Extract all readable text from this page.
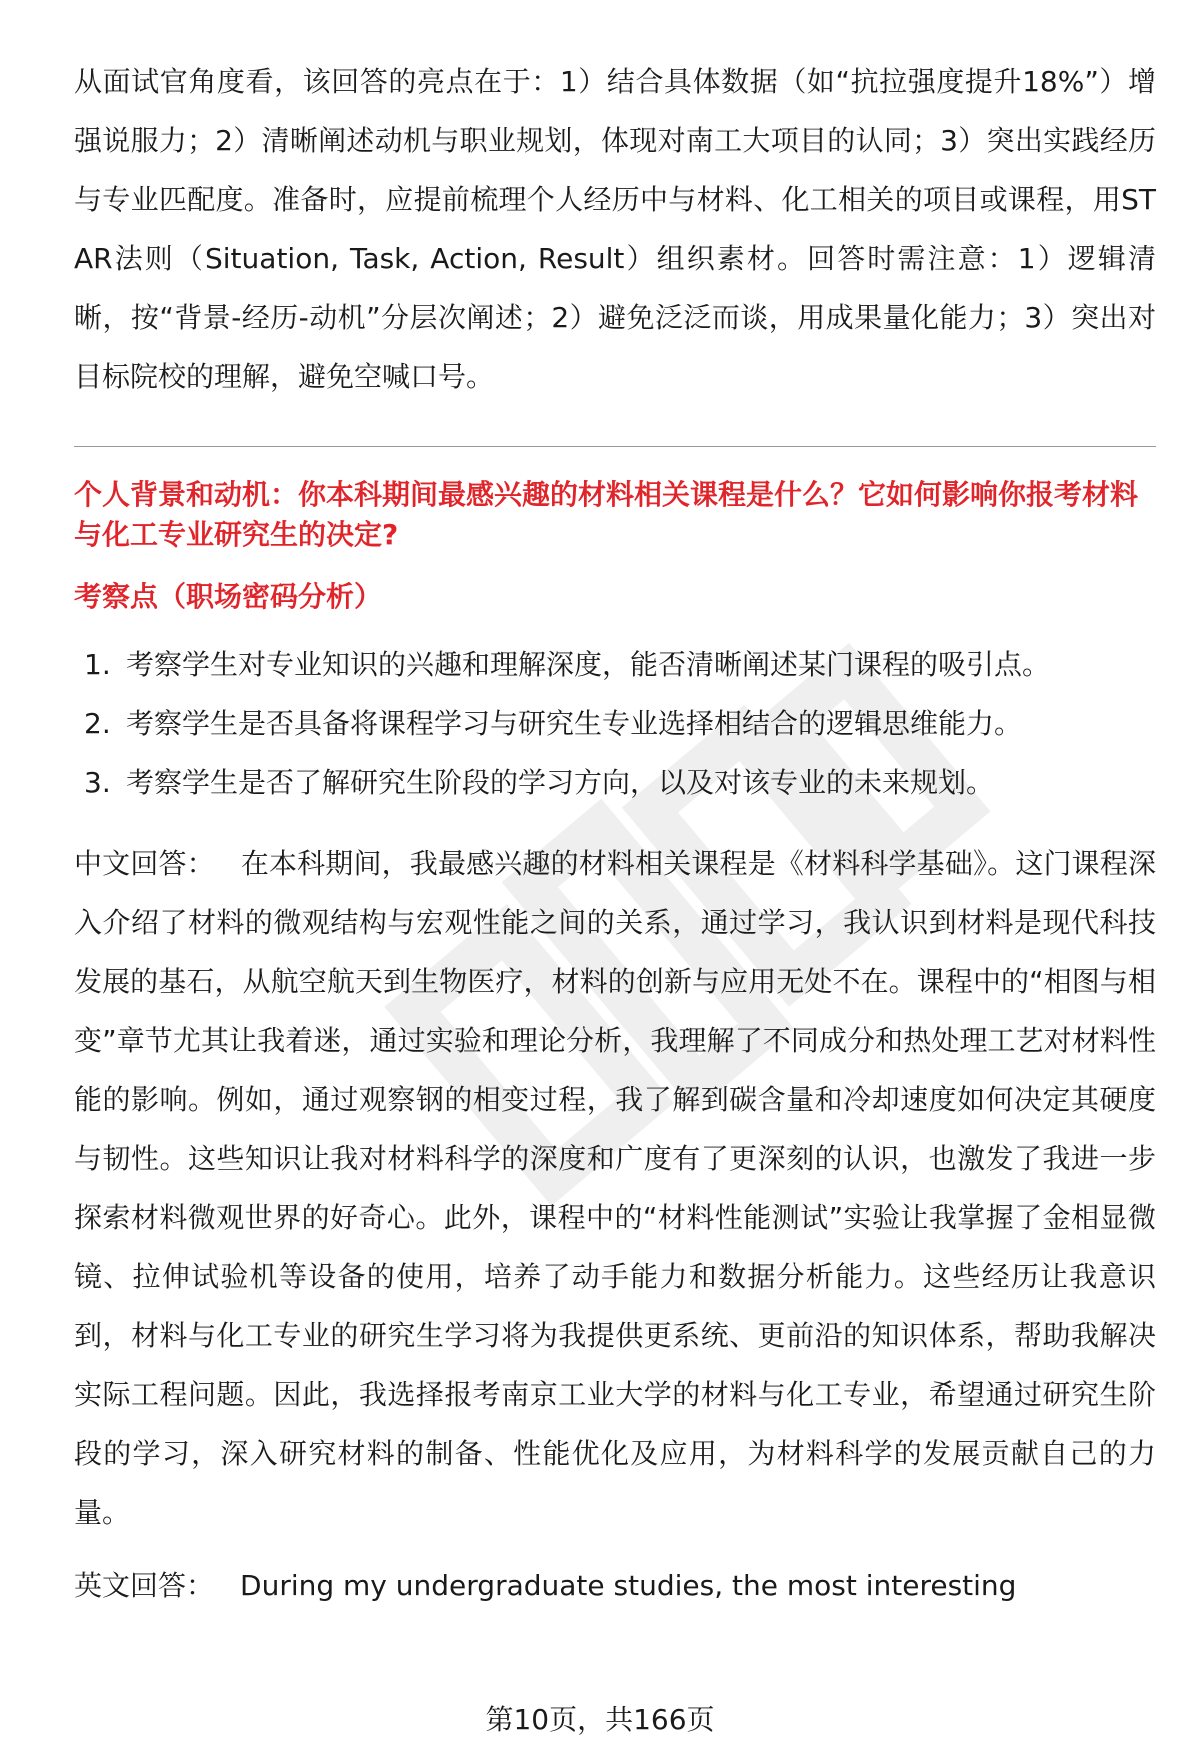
从面试官角度看，该回答的亮点在于：1）结合具体数据（如“抗拉强度提升18%”）增强说服力；2）清晰阐述动机与职业规划，体现对南工大项目的认同；3）突出实践经历与专业匹配度。准备时，应提前梳理个人经历中与材料、化工相关的项目或课程，用STAR法则（Situation, Task, Action, Result）组织素材。回答时需注意：1）逻辑清晰，按“背景-经历-动机”分层次阐述；2）避免泛泛而谈，用成果量化能力；3）突出对目标院校的理解，避免空喊口号。

个人背景和动机：你本科期间最感兴趣的材料相关课程是什么？它如何影响你报考材料与化工专业研究生的决定?

考察点（职场密码分析）

1. 考察学生对专业知识的兴趣和理解深度，能否清晰阐述某门课程的吸引点。
2. 考察学生是否具备将课程学习与研究生专业选择相结合的逻辑思维能力。
3. 考察学生是否了解研究生阶段的学习方向，以及对该专业的未来规划。

中文回答： 在本科期间，我最感兴趣的材料相关课程是《材料科学基础》。这门课程深入介绍了材料的微观结构与宏观性能之间的关系，通过学习，我认识到材料是现代科技发展的基石，从航空航天到生物医疗，材料的创新与应用无处不在。课程中的“相图与相变”章节尤其让我着迷，通过实验和理论分析，我理解了不同成分和热处理工艺对材料性能的影响。例如，通过观察钢的相变过程，我了解到碳含量和冷却速度如何决定其硬度与韧性。这些知识让我对材料科学的深度和广度有了更深刻的认识，也激发了我进一步探索材料微观世界的好奇心。此外，课程中的“材料性能测试”实验让我掌握了金相显微镜、拉伸试验机等设备的使用，培养了动手能力和数据分析能力。这些经历让我意识到，材料与化工专业的研究生学习将为我提供更系统、更前沿的知识体系，帮助我解决实际工程问题。因此，我选择报考南京工业大学的材料与化工专业，希望通过研究生阶段的学习，深入研究材料的制备、性能优化及应用，为材料科学的发展贡献自己的力量。

英文回答： During my undergraduate studies, the most interesting

第10页，共166页
